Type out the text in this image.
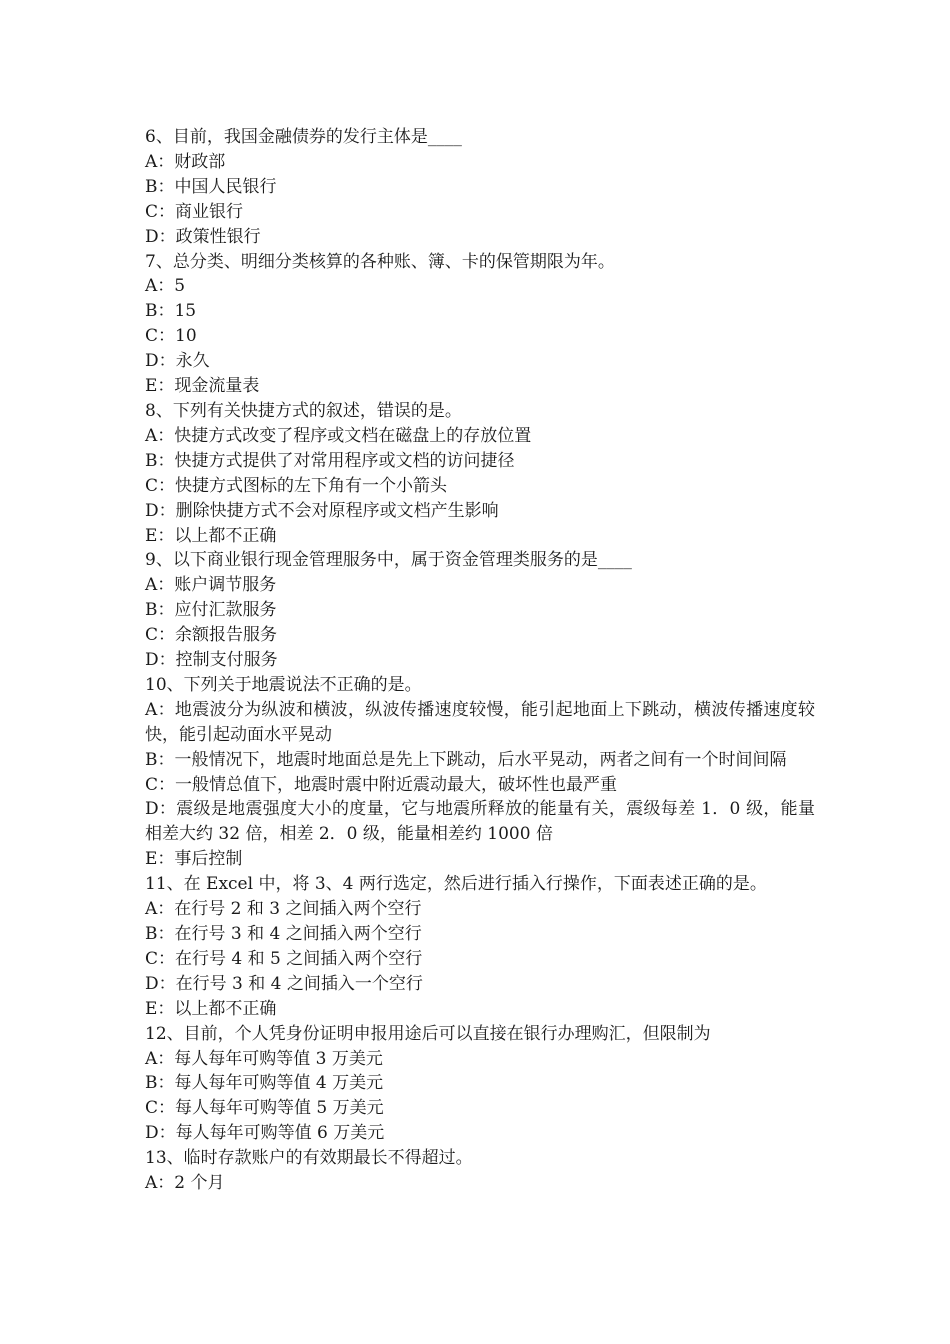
6、目前，我国金融债券的发行主体是____
A：财政部
B：中国人民银行
C：商业银行
D：政策性银行
7、总分类、明细分类核算的各种账、簿、卡的保管期限为年。
A：5
B：15
C：10
D：永久
E：现金流量表
8、下列有关快捷方式的叙述，错误的是。
A：快捷方式改变了程序或文档在磁盘上的存放位置
B：快捷方式提供了对常用程序或文档的访问捷径
C：快捷方式图标的左下角有一个小箭头
D：删除快捷方式不会对原程序或文档产生影响
E：以上都不正确
9、以下商业银行现金管理服务中，属于资金管理类服务的是____
A：账户调节服务
B：应付汇款服务
C：余额报告服务
D：控制支付服务
10、下列关于地震说法不正确的是。
A：地震波分为纵波和横波，纵波传播速度较慢，能引起地面上下跳动，横波传播速度较快，能引起动面水平晃动
B：一般情况下，地震时地面总是先上下跳动，后水平晃动，两者之间有一个时间间隔
C：一般情总值下，地震时震中附近震动最大，破坏性也最严重
D：震级是地震强度大小的度量，它与地震所释放的能量有关，震级每差 1．0 级，能量相差大约 32 倍，相差 2．0 级，能量相差约 1000 倍
E：事后控制
11、在 Excel 中，将 3、4 两行选定，然后进行插入行操作，下面表述正确的是。
A：在行号 2 和 3 之间插入两个空行
B：在行号 3 和 4 之间插入两个空行
C：在行号 4 和 5 之间插入两个空行
D：在行号 3 和 4 之间插入一个空行
E：以上都不正确
12、目前，个人凭身份证明申报用途后可以直接在银行办理购汇，但限制为
A：每人每年可购等值 3 万美元
B：每人每年可购等值 4 万美元
C：每人每年可购等值 5 万美元
D：每人每年可购等值 6 万美元
13、临时存款账户的有效期最长不得超过。
A：2 个月
